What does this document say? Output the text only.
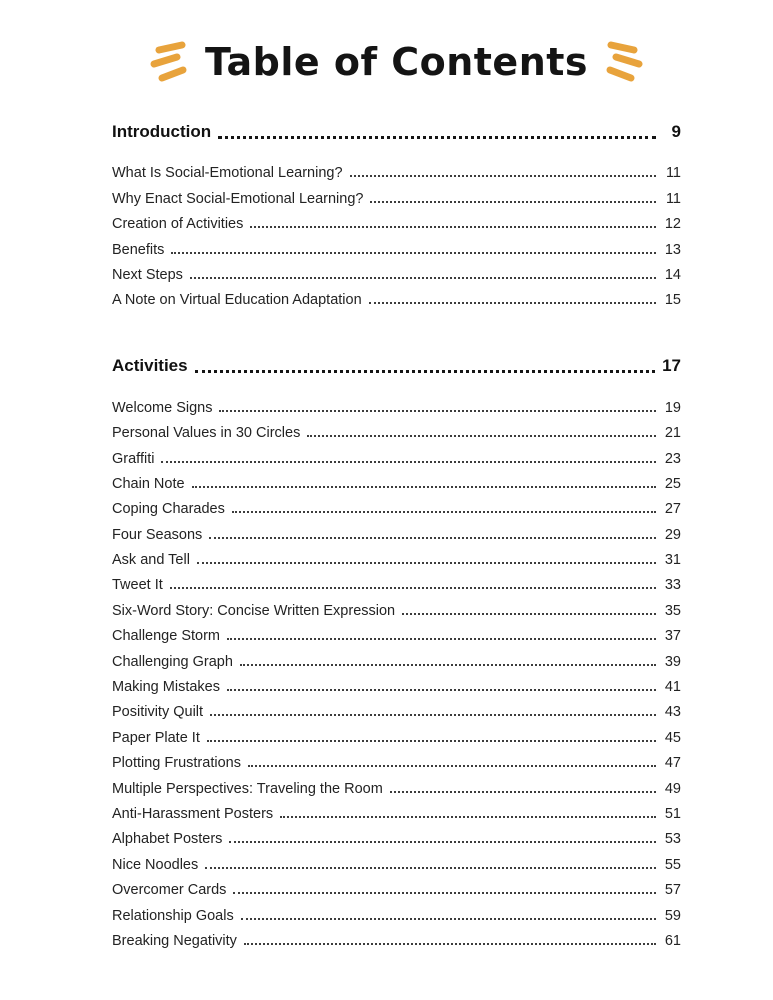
Table of Contents
Introduction	9
What Is Social-Emotional Learning?	11
Why Enact Social-Emotional Learning?	11
Creation of Activities	12
Benefits	13
Next Steps	14
A Note on Virtual Education Adaptation	15
Activities	17
Welcome Signs	19
Personal Values in 30 Circles	21
Graffiti	23
Chain Note	25
Coping Charades	27
Four Seasons	29
Ask and Tell	31
Tweet It	33
Six-Word Story: Concise Written Expression	35
Challenge Storm	37
Challenging Graph	39
Making Mistakes	41
Positivity Quilt	43
Paper Plate It	45
Plotting Frustrations	47
Multiple Perspectives: Traveling the Room	49
Anti-Harassment Posters	51
Alphabet Posters	53
Nice Noodles	55
Overcomer Cards	57
Relationship Goals	59
Breaking Negativity	61
